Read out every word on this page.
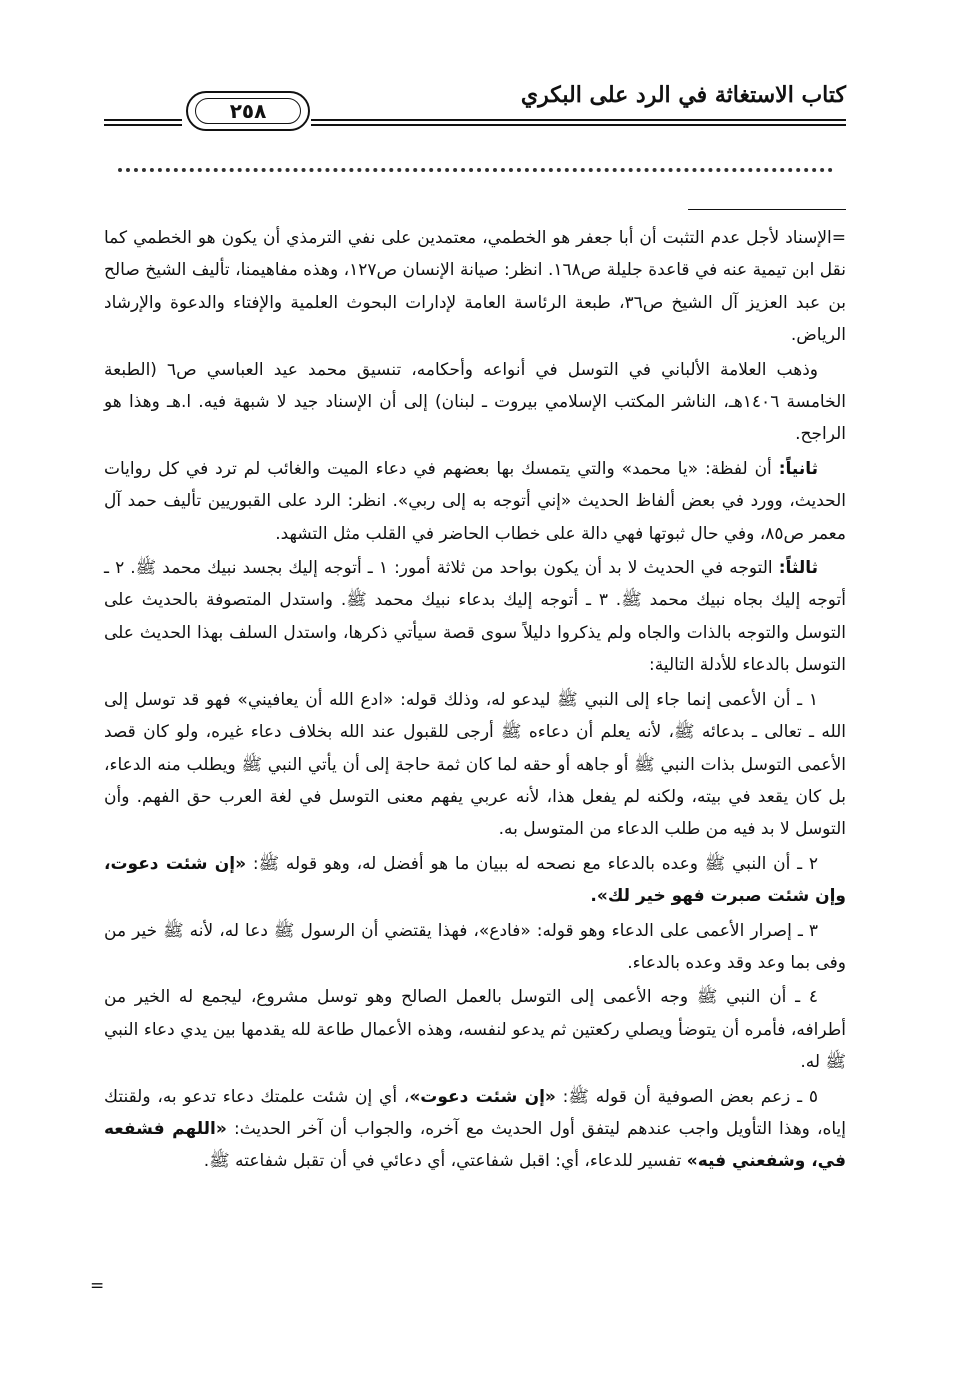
كتاب الاستغاثة في الرد على البكري
٢٥٨

=الإسناد لأجل عدم التثبت أن أبا جعفر هو الخطمي، معتمدين على نفي الترمذي أن يكون هو الخطمي كما نقل ابن تيمية عنه في قاعدة جليلة ص١٦٨. انظر: صيانة الإنسان ص١٢٧، وهذه مفاهيمنا، تأليف الشيخ صالح بن عبد العزيز آل الشيخ ص٣٦، طبعة الرئاسة العامة لإدارات البحوث العلمية والإفتاء والدعوة والإرشاد الرياض.

وذهب العلامة الألباني في التوسل في أنواعه وأحكامه، تنسيق محمد عيد العباسي ص٦ (الطبعة الخامسة ١٤٠٦هـ، الناشر المكتب الإسلامي بيروت ـ لبنان) إلى أن الإسناد جيد لا شبهة فيه. ا.هـ وهذا هو الراجح.

ثانياً: أن لفظة: «يا محمد» والتي يتمسك بها بعضهم في دعاء الميت والغائب لم ترد في كل روايات الحديث، وورد في بعض ألفاظ الحديث «إني أتوجه به إلى ربي». انظر: الرد على القبوريين تأليف حمد آل معمر ص٨٥، وفي حال ثبوتها فهي دالة على خطاب الحاضر في القلب مثل التشهد.

ثالثاً: التوجه في الحديث لا بد أن يكون بواحد من ثلاثة أمور: ١ ـ أتوجه إليك بجسد نبيك محمد ﷺ. ٢ ـ أتوجه إليك بجاه نبيك محمد ﷺ. ٣ ـ أتوجه إليك بدعاء نبيك محمد ﷺ. واستدل المتصوفة بالحديث على التوسل والتوجه بالذات والجاه ولم يذكروا دليلاً سوى قصة سيأتي ذكرها، واستدل السلف بهذا الحديث على التوسل بالدعاء للأدلة التالية:

١ ـ أن الأعمى إنما جاء إلى النبي ﷺ ليدعو له، وذلك قوله: «ادع الله أن يعافيني» فهو قد توسل إلى الله ـ تعالى ـ بدعائه ﷺ، لأنه يعلم أن دعاءه ﷺ أرجى للقبول عند الله بخلاف دعاء غيره، ولو كان قصد الأعمى التوسل بذات النبي ﷺ أو جاهه أو حقه لما كان ثمة حاجة إلى أن يأتي النبي ﷺ ويطلب منه الدعاء، بل كان يقعد في بيته، ولكنه لم يفعل هذا، لأنه عربي يفهم معنى التوسل في لغة العرب حق الفهم. وأن التوسل لا بد فيه من طلب الدعاء من المتوسل به.

٢ ـ أن النبي ﷺ وعده بالدعاء مع نصحه له ببيان ما هو أفضل له، وهو قوله ﷺ: «إن شئت دعوت، وإن شئت صبرت فهو خير لك».

٣ ـ إصرار الأعمى على الدعاء وهو قوله: «فادع»، فهذا يقتضي أن الرسول ﷺ دعا له، لأنه ﷺ خير من وفى بما وعد وقد وعده بالدعاء.

٤ ـ أن النبي ﷺ وجه الأعمى إلى التوسل بالعمل الصالح وهو توسل مشروع، ليجمع له الخير من أطرافه، فأمره أن يتوضأ ويصلي ركعتين ثم يدعو لنفسه، وهذه الأعمال طاعة لله يقدمها بين يدي دعاء النبي ﷺ له.

٥ ـ زعم بعض الصوفية أن قوله ﷺ: «إن شئت دعوت»، أي إن شئت علمتك دعاء تدعو به، ولقنتك إياه، وهذا التأويل واجب عندهم ليتفق أول الحديث مع آخره، والجواب أن آخر الحديث: «اللهم فشفعه في، وشفعني فيه» تفسير للدعاء، أي: اقبل شفاعتي، أي دعائي في أن تقبل شفاعته ﷺ.

=
